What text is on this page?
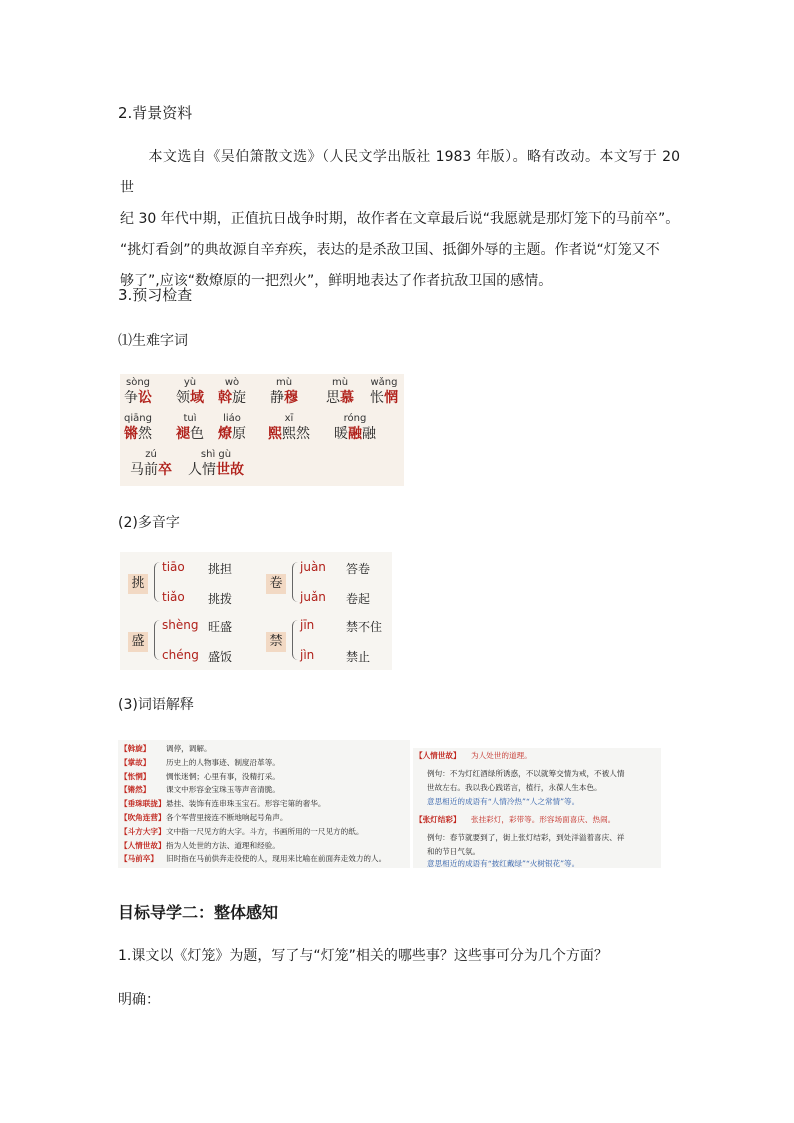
2.背景资料
本文选自《吴伯箫散文选》（人民文学出版社 1983 年版）。略有改动。本文写于 20 世
纪 30 年代中期，正值抗日战争时期，故作者在文章最后说“我愿就是那灯笼下的马前卒”。
“挑灯看剑”的典故源自辛弃疾，表达的是杀敌卫国、抵御外辱的主题。作者说“灯笼又不
够了”,应该“数燎原的一把烈火”，鲜明地表达了作者抗敌卫国的感情。
3.预习检查
⑴生难字词
sòng
争讼
yù
领域
wò
斡旋
mù
静穆
mù
思慕
wǎng
怅惘
qiāng
锵然
tuì
褪色
liáo
燎原
xī
熙熙然
róng
暖融融
zú
马前卒
shì gù
人情世故
(2)多音字
挑
tiāo 挑担
tiǎo 挑拨
卷
juàn 答卷
juǎn 卷起
盛
shèng 旺盛
chéng 盛饭
禁
jīn	禁不住
jìn	禁止
(3)词语解释
【斡旋】 调停，调解。
【掌故】 历史上的人物事迹、制度沿革等。
【怅惘】 惆怅迷惘；心里有事，没精打采。
【锵然】 课文中形容金宝珠玉等声音清脆。
【垂珠联拢】悬挂、装饰有连串珠玉宝石。形容宅第的奢华。
【吹角连营】各个军营里接连不断地响起号角声。
【斗方大字】文中指一尺见方的大字。斗方，书画所用的一尺见方的纸。
【人情世故】指为人处世的方法、道理和经验。
【马前卒】 旧时指在马前供奔走役使的人，现用来比喻在前面奔走效力的人。
【人情世故】 为人处世的道理。
例句：不为灯红酒绿所诱惑，不以就筹交情为戒，不被人情
世故左右。我以我心践诺言，植行，永葆人生本色。
意思相近的成语有“人情冷热”“人之常情”等。
【张灯结彩】 张挂彩灯，彩带等。形容场面喜庆、热闹。
例句：春节就要到了，街上张灯结彩，到处洋溢着喜庆、祥
和的节日气氛。
意思相近的成语有“披红戴绿”“火树银花”等。
目标导学二：整体感知
1.课文以《灯笼》为题，写了与“灯笼”相关的哪些事？这些事可分为几个方面？
明确：
